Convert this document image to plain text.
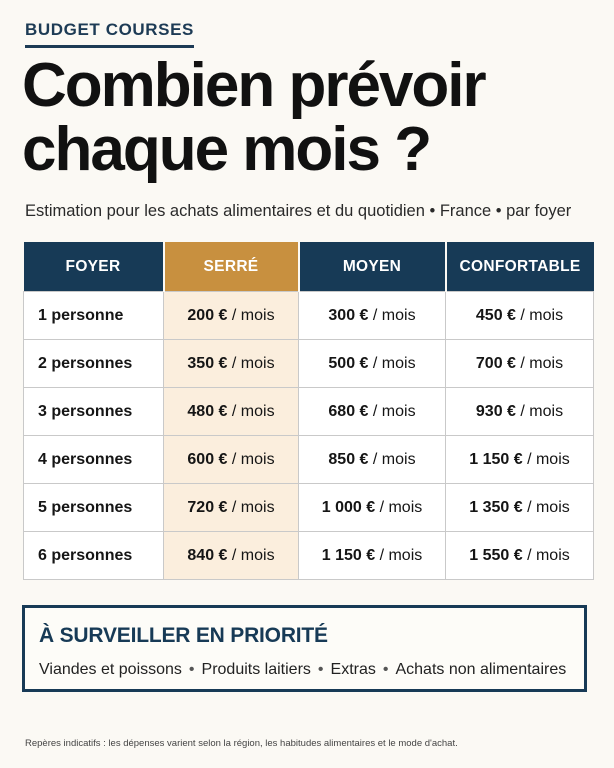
BUDGET COURSES
Combien prévoir
chaque mois ?
Estimation pour les achats alimentaires et du quotidien • France • par foyer
FOYER	SERRÉ	MOYEN	CONFORTABLE
1 personne	200 € / mois	300 € / mois	450 € / mois
2 personnes	350 € / mois	500 € / mois	700 € / mois
3 personnes	480 € / mois	680 € / mois	930 € / mois
4 personnes	600 € / mois	850 € / mois	1 150 € / mois
5 personnes	720 € / mois	1 000 € / mois	1 350 € / mois
6 personnes	840 € / mois	1 150 € / mois	1 550 € / mois
À SURVEILLER EN PRIORITÉ
Viandes et poissons • Produits laitiers • Extras • Achats non alimentaires
Repères indicatifs : les dépenses varient selon la région, les habitudes alimentaires et le mode d'achat.
